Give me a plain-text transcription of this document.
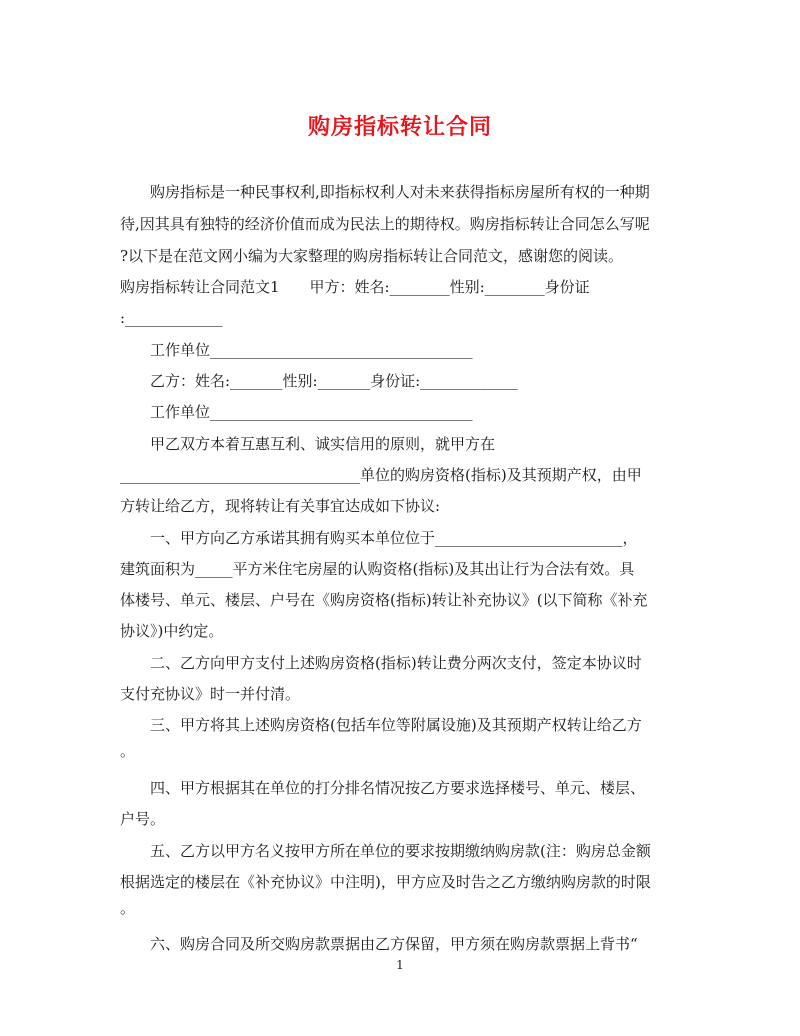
购房指标转让合同

　　购房指标是一种民事权利,即指标权利人对未来获得指标房屋所有权的一种期

待,因其具有独特的经济价值而成为民法上的期待权。购房指标转让合同怎么写呢

?以下是在范文网小编为大家整理的购房指标转让合同范文，感谢您的阅读。

购房指标转让合同范文1　　甲方：姓名:________性别:________身份证

:_____________

　　工作单位___________________________________

　　乙方：姓名:_______性别:_______身份证:_____________

　　工作单位___________________________________

　　甲乙双方本着互惠互利、诚实信用的原则，就甲方在

________________________________单位的购房资格(指标)及其预期产权，由甲

方转让给乙方，现将转让有关事宜达成如下协议:

　　一、甲方向乙方承诺其拥有购买本单位位于_________________________，

建筑面积为_____平方米住宅房屋的认购资格(指标)及其出让行为合法有效。具

体楼号、单元、楼层、户号在《购房资格(指标)转让补充协议》(以下简称《补充

协议》)中约定。

　　二、乙方向甲方支付上述购房资格(指标)转让费分两次支付，签定本协议时

支付充协议》时一并付清。

　　三、甲方将其上述购房资格(包括车位等附属设施)及其预期产权转让给乙方

。

　　四、甲方根据其在单位的打分排名情况按乙方要求选择楼号、单元、楼层、

户号。

　　五、乙方以甲方名义按甲方所在单位的要求按期缴纳购房款(注：购房总金额

根据选定的楼层在《补充协议》中注明)，甲方应及时告之乙方缴纳购房款的时限

。

　　六、购房合同及所交购房款票据由乙方保留，甲方须在购房款票据上背书“

1
